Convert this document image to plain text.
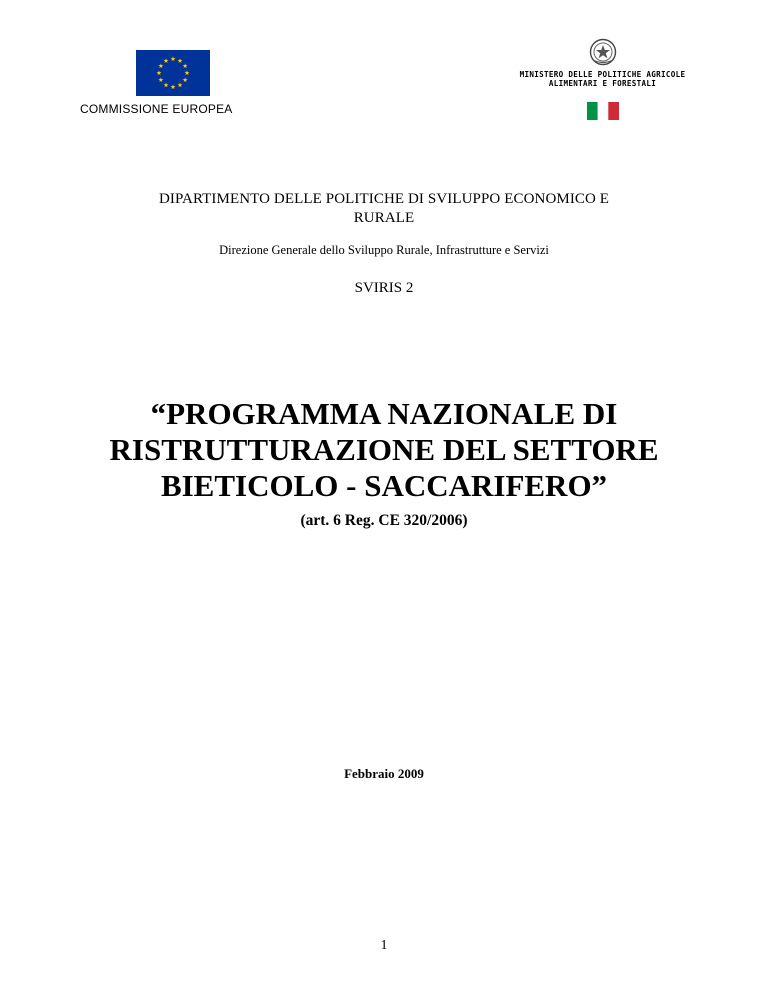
COMMISSIONE EUROPEA
MINISTERO DELLE POLITICHE AGRICOLE
ALIMENTARI E FORESTALI
DIPARTIMENTO DELLE POLITICHE DI SVILUPPO ECONOMICO E
RURALE
Direzione Generale dello Sviluppo Rurale, Infrastrutture e Servizi
SVIRIS 2
“PROGRAMMA NAZIONALE DI
RISTRUTTURAZIONE DEL SETTORE
BIETICOLO - SACCARIFERO”
(art. 6 Reg. CE 320/2006)
Febbraio 2009
1
